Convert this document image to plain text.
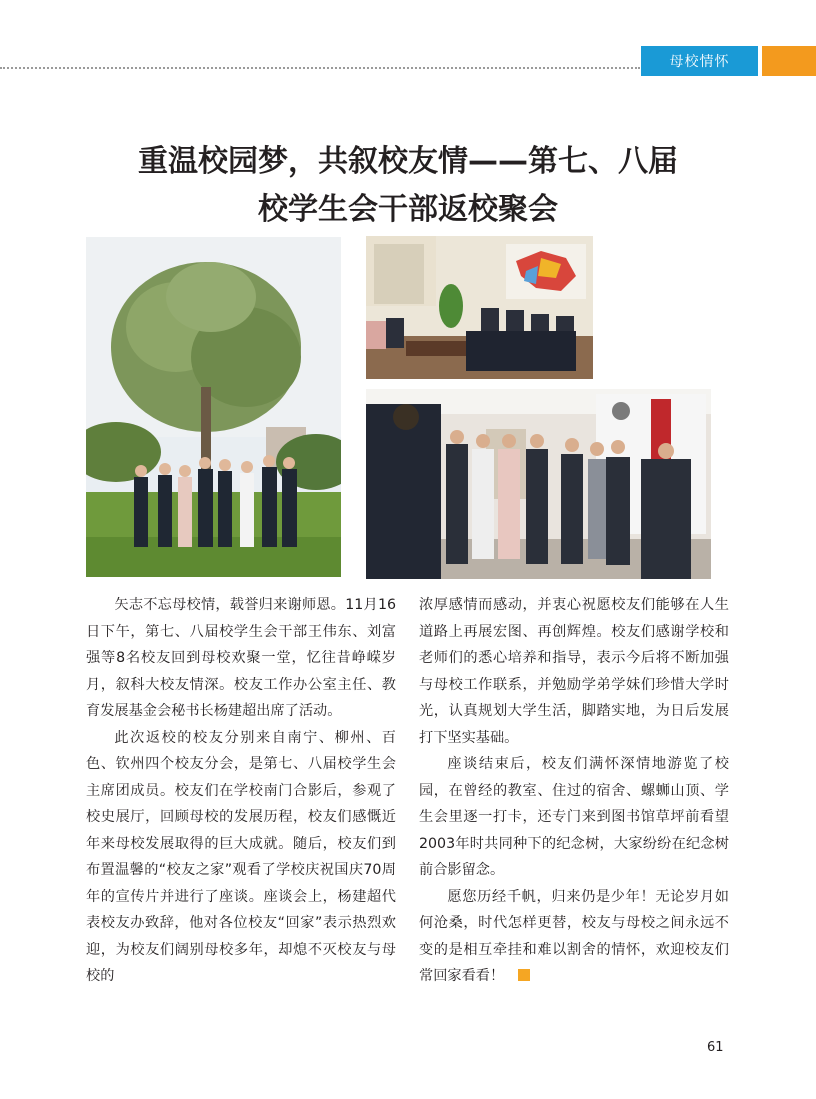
母校情怀
重温校园梦，共叙校友情——第七、八届
校学生会干部返校聚会

矢志不忘母校情，载誉归来谢师恩。11月16日下午，第七、八届校学生会干部王伟东、刘富强等8名校友回到母校欢聚一堂，忆往昔峥嵘岁月，叙科大校友情深。校友工作办公室主任、教育发展基金会秘书长杨建超出席了活动。

此次返校的校友分别来自南宁、柳州、百色、钦州四个校友分会，是第七、八届校学生会主席团成员。校友们在学校南门合影后，参观了校史展厅，回顾母校的发展历程，校友们感慨近年来母校发展取得的巨大成就。随后，校友们到布置温馨的“校友之家”观看了学校庆祝国庆70周年的宣传片并进行了座谈。座谈会上，杨建超代表校友办致辞，他对各位校友“回家”表示热烈欢迎，为校友们阔别母校多年，却熄不灭校友与母校的

浓厚感情而感动，并衷心祝愿校友们能够在人生道路上再展宏图、再创辉煌。校友们感谢学校和老师们的悉心培养和指导，表示今后将不断加强与母校工作联系，并勉励学弟学妹们珍惜大学时光，认真规划大学生活，脚踏实地，为日后发展打下坚实基础。

座谈结束后，校友们满怀深情地游览了校园，在曾经的教室、住过的宿舍、螺蛳山顶、学生会里逐一打卡，还专门来到图书馆草坪前看望2003年时共同种下的纪念树，大家纷纷在纪念树前合影留念。

愿您历经千帆，归来仍是少年！无论岁月如何沧桑，时代怎样更替，校友与母校之间永远不变的是相互牵挂和难以割舍的情怀，欢迎校友们常回家看看！

61
